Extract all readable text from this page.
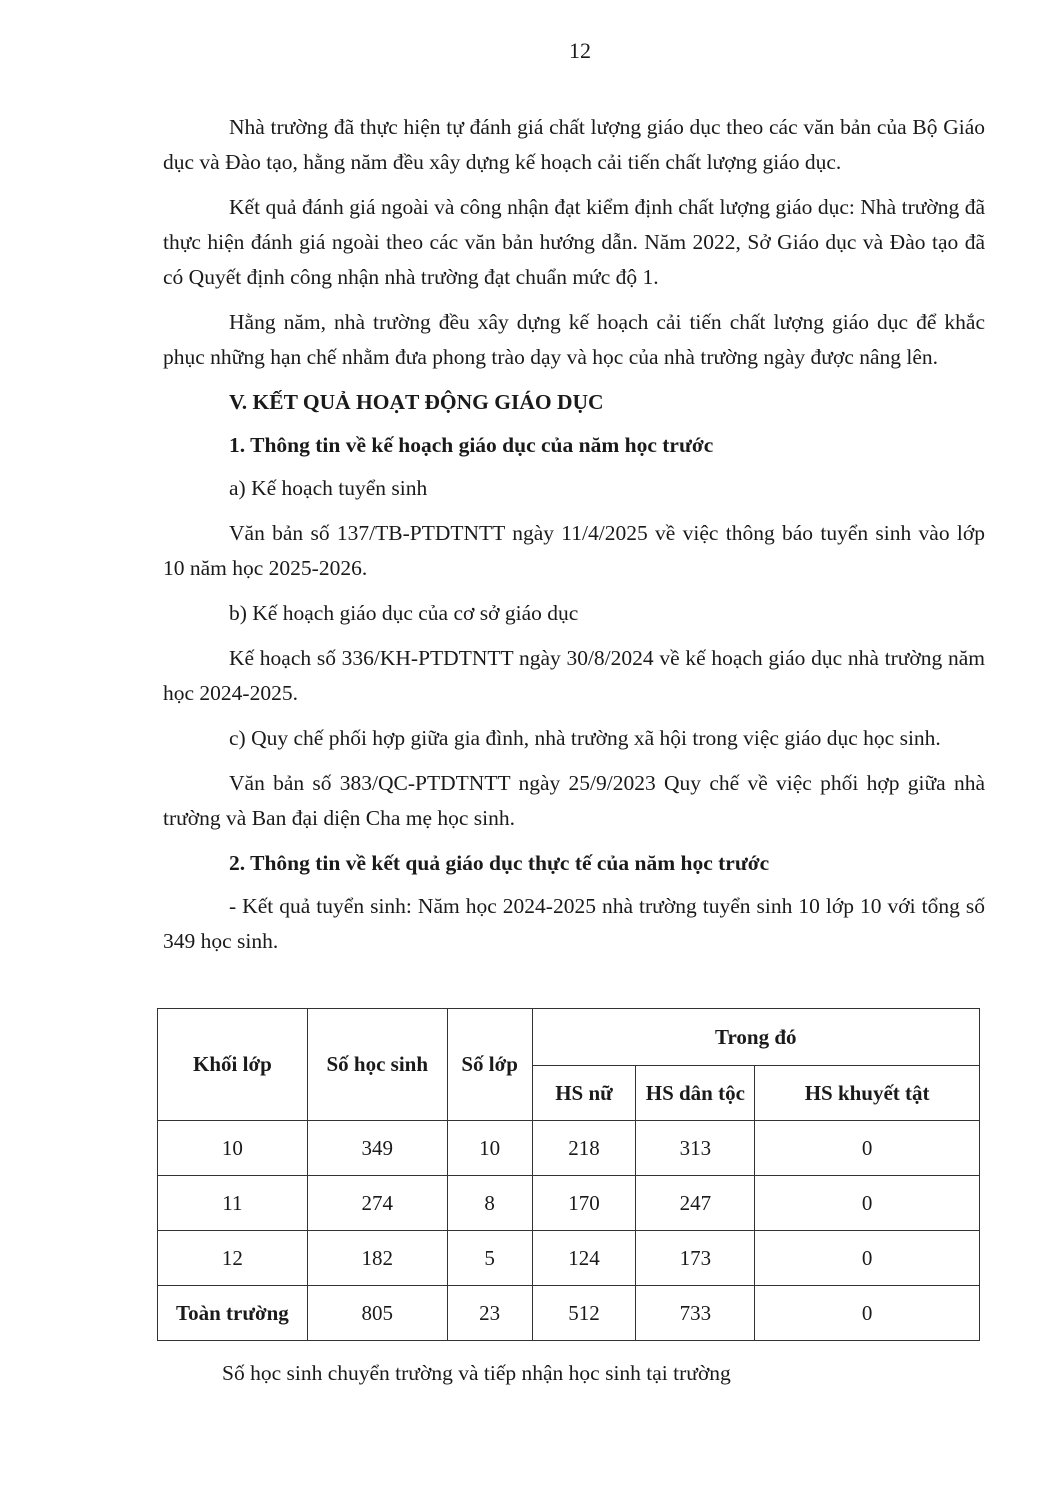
12

Nhà trường đã thực hiện tự đánh giá chất lượng giáo dục theo các văn bản của Bộ Giáo dục và Đào tạo, hằng năm đều xây dựng kế hoạch cải tiến chất lượng giáo dục.

Kết quả đánh giá ngoài và công nhận đạt kiểm định chất lượng giáo dục: Nhà trường đã thực hiện đánh giá ngoài theo các văn bản hướng dẫn. Năm 2022, Sở Giáo dục và Đào tạo đã có Quyết định công nhận nhà trường đạt chuẩn mức độ 1.

Hằng năm, nhà trường đều xây dựng kế hoạch cải tiến chất lượng giáo dục để khắc phục những hạn chế nhằm đưa phong trào dạy và học của nhà trường ngày được nâng lên.

V. KẾT QUẢ HOẠT ĐỘNG GIÁO DỤC

1. Thông tin về kế hoạch giáo dục của năm học trước

a) Kế hoạch tuyển sinh

Văn bản số 137/TB-PTDTNTT ngày 11/4/2025 về việc thông báo tuyển sinh vào lớp 10 năm học 2025-2026.

b) Kế hoạch giáo dục của cơ sở giáo dục

Kế hoạch số 336/KH-PTDTNTT ngày 30/8/2024 về kế hoạch giáo dục nhà trường năm học 2024-2025.

c) Quy chế phối hợp giữa gia đình, nhà trường xã hội trong việc giáo dục học sinh.

Văn bản số 383/QC-PTDTNTT ngày 25/9/2023 Quy chế về việc phối hợp giữa nhà trường và Ban đại diện Cha mẹ học sinh.

2. Thông tin về kết quả giáo dục thực tế của năm học trước

- Kết quả tuyển sinh: Năm học 2024-2025 nhà trường tuyển sinh 10 lớp 10 với tổng số 349 học sinh.

Khối lớp	Số học sinh	Số lớp	Trong đó		
			HS nữ	HS dân tộc	HS khuyết tật
10	349	10	218	313	0
11	274	8	170	247	0
12	182	5	124	173	0
Toàn trường	805	23	512	733	0
Số học sinh chuyển trường và tiếp nhận học sinh tại trường
